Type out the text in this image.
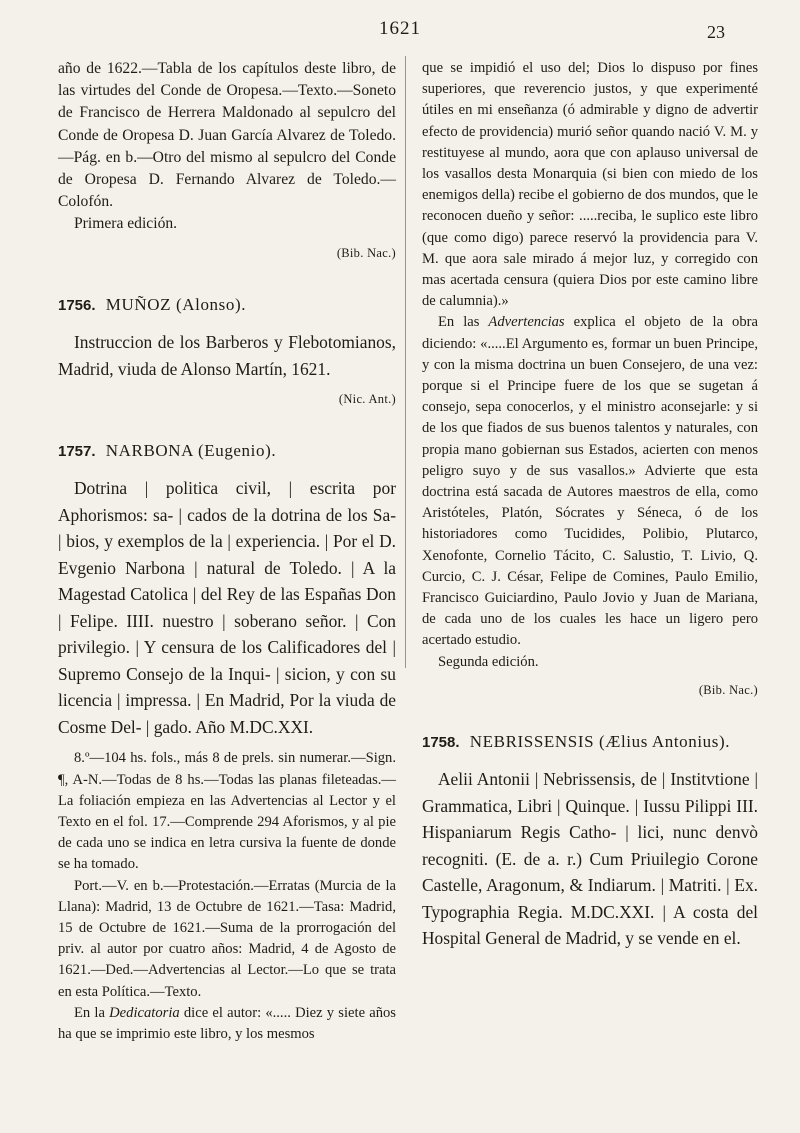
1621	23

año de 1622.—Tabla de los capítulos deste libro, de las virtudes del Conde de Oropesa.—Texto.—Soneto de Francisco de Herrera Maldonado al sepulcro del Conde de Oropesa D. Juan García Alvarez de Toledo.—Pág. en b.—Otro del mismo al sepulcro del Conde de Oropesa D. Fernando Alvarez de Toledo.—Colofón.

Primera edición.

(Bib. Nac.)

1756. MUÑOZ (Alonso).

Instruccion de los Barberos y Flebotomianos, Madrid, viuda de Alonso Martín, 1621.

(Nic. Ant.)

1757. NARBONA (Eugenio).

Dotrina | politica civil, | escrita por Aphorismos: sa- | cados de la dotrina de los Sa- | bios, y exemplos de la | experiencia. | Por el D. Evgenio Narbona | natural de Toledo. | A la Magestad Catolica | del Rey de las Españas Don | Felipe. IIII. nuestro | soberano señor. | Con privilegio. | Y censura de los Calificadores del | Supremo Consejo de la Inqui- | sicion, y con su licencia | impressa. | En Madrid, Por la viuda de Cosme Del- | gado. Año M.DC.XXI.

8.º—104 hs. fols., más 8 de prels. sin numerar.—Sign. ¶, A-N.—Todas de 8 hs.—Todas las planas fileteadas.—La foliación empieza en las Advertencias al Lector y el Texto en el fol. 17.—Comprende 294 Aforismos, y al pie de cada uno se indica en letra cursiva la fuente de donde se ha tomado.

Port.—V. en b.—Protestación.—Erratas (Murcia de la Llana): Madrid, 13 de Octubre de 1621.—Tasa: Madrid, 15 de Octubre de 1621.—Suma de la prorrogación del priv. al autor por cuatro años: Madrid, 4 de Agosto de 1621.—Ded.—Advertencias al Lector.—Lo que se trata en esta Política.—Texto.

En la Dedicatoria dice el autor: «..... Diez y siete años ha que se imprimio este libro, y los mesmos

que se impidió el uso del; Dios lo dispuso por fines superiores, que reverencio justos, y que experimenté útiles en mi enseñanza (ó admirable y digno de advertir efecto de providencia) murió señor quando nació V. M. y restituyese al mundo, aora que con aplauso universal de los vasallos desta Monarquia (si bien con miedo de los enemigos della) recibe el gobierno de dos mundos, que le reconocen dueño y señor: .....reciba, le suplico este libro (que como digo) parece reservó la providencia para V. M. que aora sale mirado á mejor luz, y corregido con mas acertada censura (quiera Dios por este camino libre de calumnia).»

En las Advertencias explica el objeto de la obra diciendo: «.....El Argumento es, formar un buen Principe, y con la misma doctrina un buen Consejero, de una vez: porque si el Principe fuere de los que se sugetan á consejo, sepa conocerlos, y el ministro aconsejarle: y si de los que fiados de sus buenos talentos y naturales, con propia mano gobiernan sus Estados, acierten con menos peligro suyo y de sus vasallos.» Advierte que esta doctrina está sacada de Autores maestros de ella, como Aristóteles, Platón, Sócrates y Séneca, ó de los historiadores como Tucidides, Polibio, Plutarco, Xenofonte, Cornelio Tácito, C. Salustio, T. Livio, Q. Curcio, C. J. César, Felipe de Comines, Paulo Emilio, Francisco Guiciardino, Paulo Jovio y Juan de Mariana, de cada uno de los cuales les hace un ligero pero acertado estudio.

Segunda edición.

(Bib. Nac.)

1758. NEBRISSENSIS (Ælius Antonius).

Aelii Antonii | Nebrissensis, de | Institvtione | Grammatica, Libri | Quinque. | Iussu Pilippi III. Hispaniarum Regis Catho- | lici, nunc denvò recogniti. (E. de a. r.) Cum Priuilegio Corone Castelle, Aragonum, & Indiarum. | Matriti. | Ex. Typographia Regia. M.DC.XXI. | A costa del Hospital General de Madrid, y se vende en el.
